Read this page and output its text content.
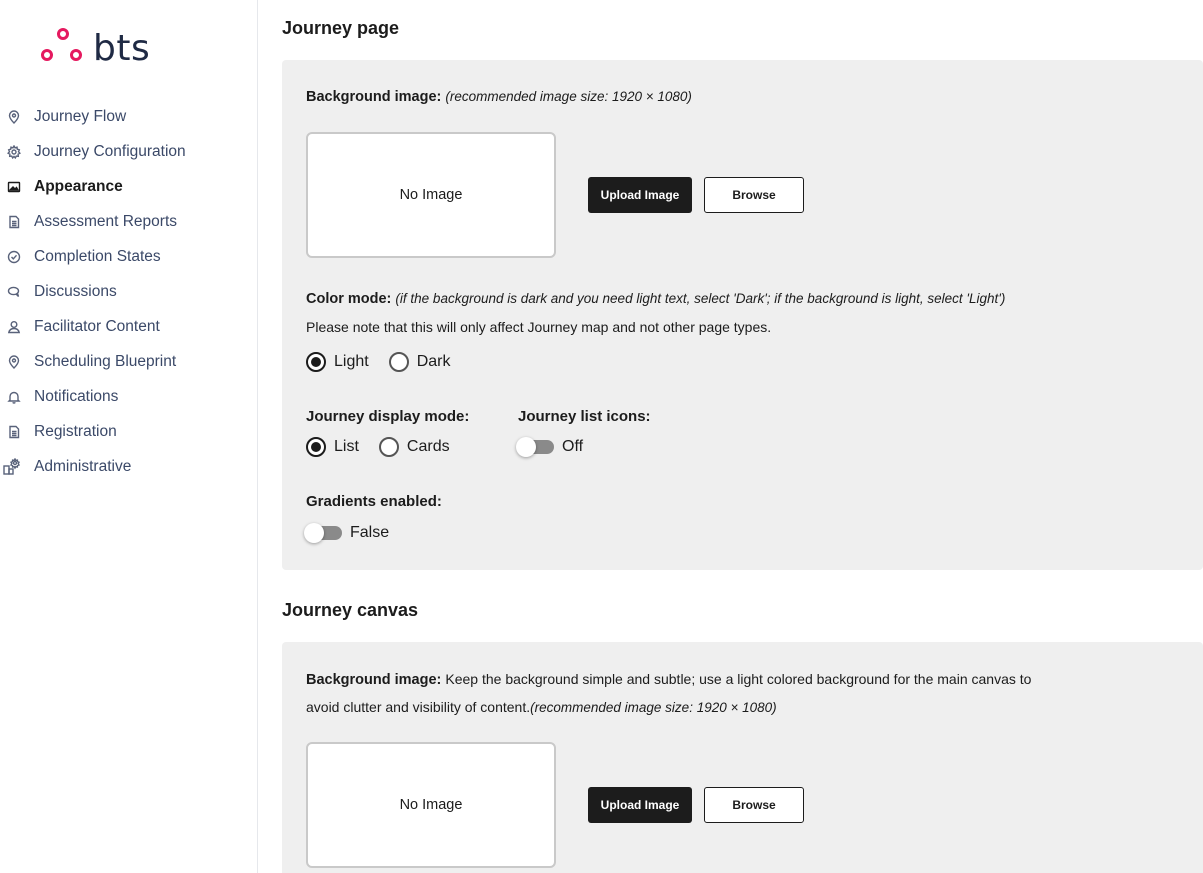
bts
Journey Flow
Journey Configuration
Appearance
Assessment Reports
Completion States
Discussions
Facilitator Content
Scheduling Blueprint
Notifications
Registration
Administrative
Journey page
Background image: (recommended image size: 1920 × 1080)
No Image	Upload Image	Browse
Color mode: (if the background is dark and you need light text, select 'Dark'; if the background is light, select 'Light')
Please note that this will only affect Journey map and not other page types.
Light	Dark
Journey display mode:	Journey list icons:
List	Cards	Off
Gradients enabled:
False
Journey canvas
Background image: Keep the background simple and subtle; use a light colored background for the main canvas to
avoid clutter and visibility of content.(recommended image size: 1920 × 1080)
No Image	Upload Image	Browse
